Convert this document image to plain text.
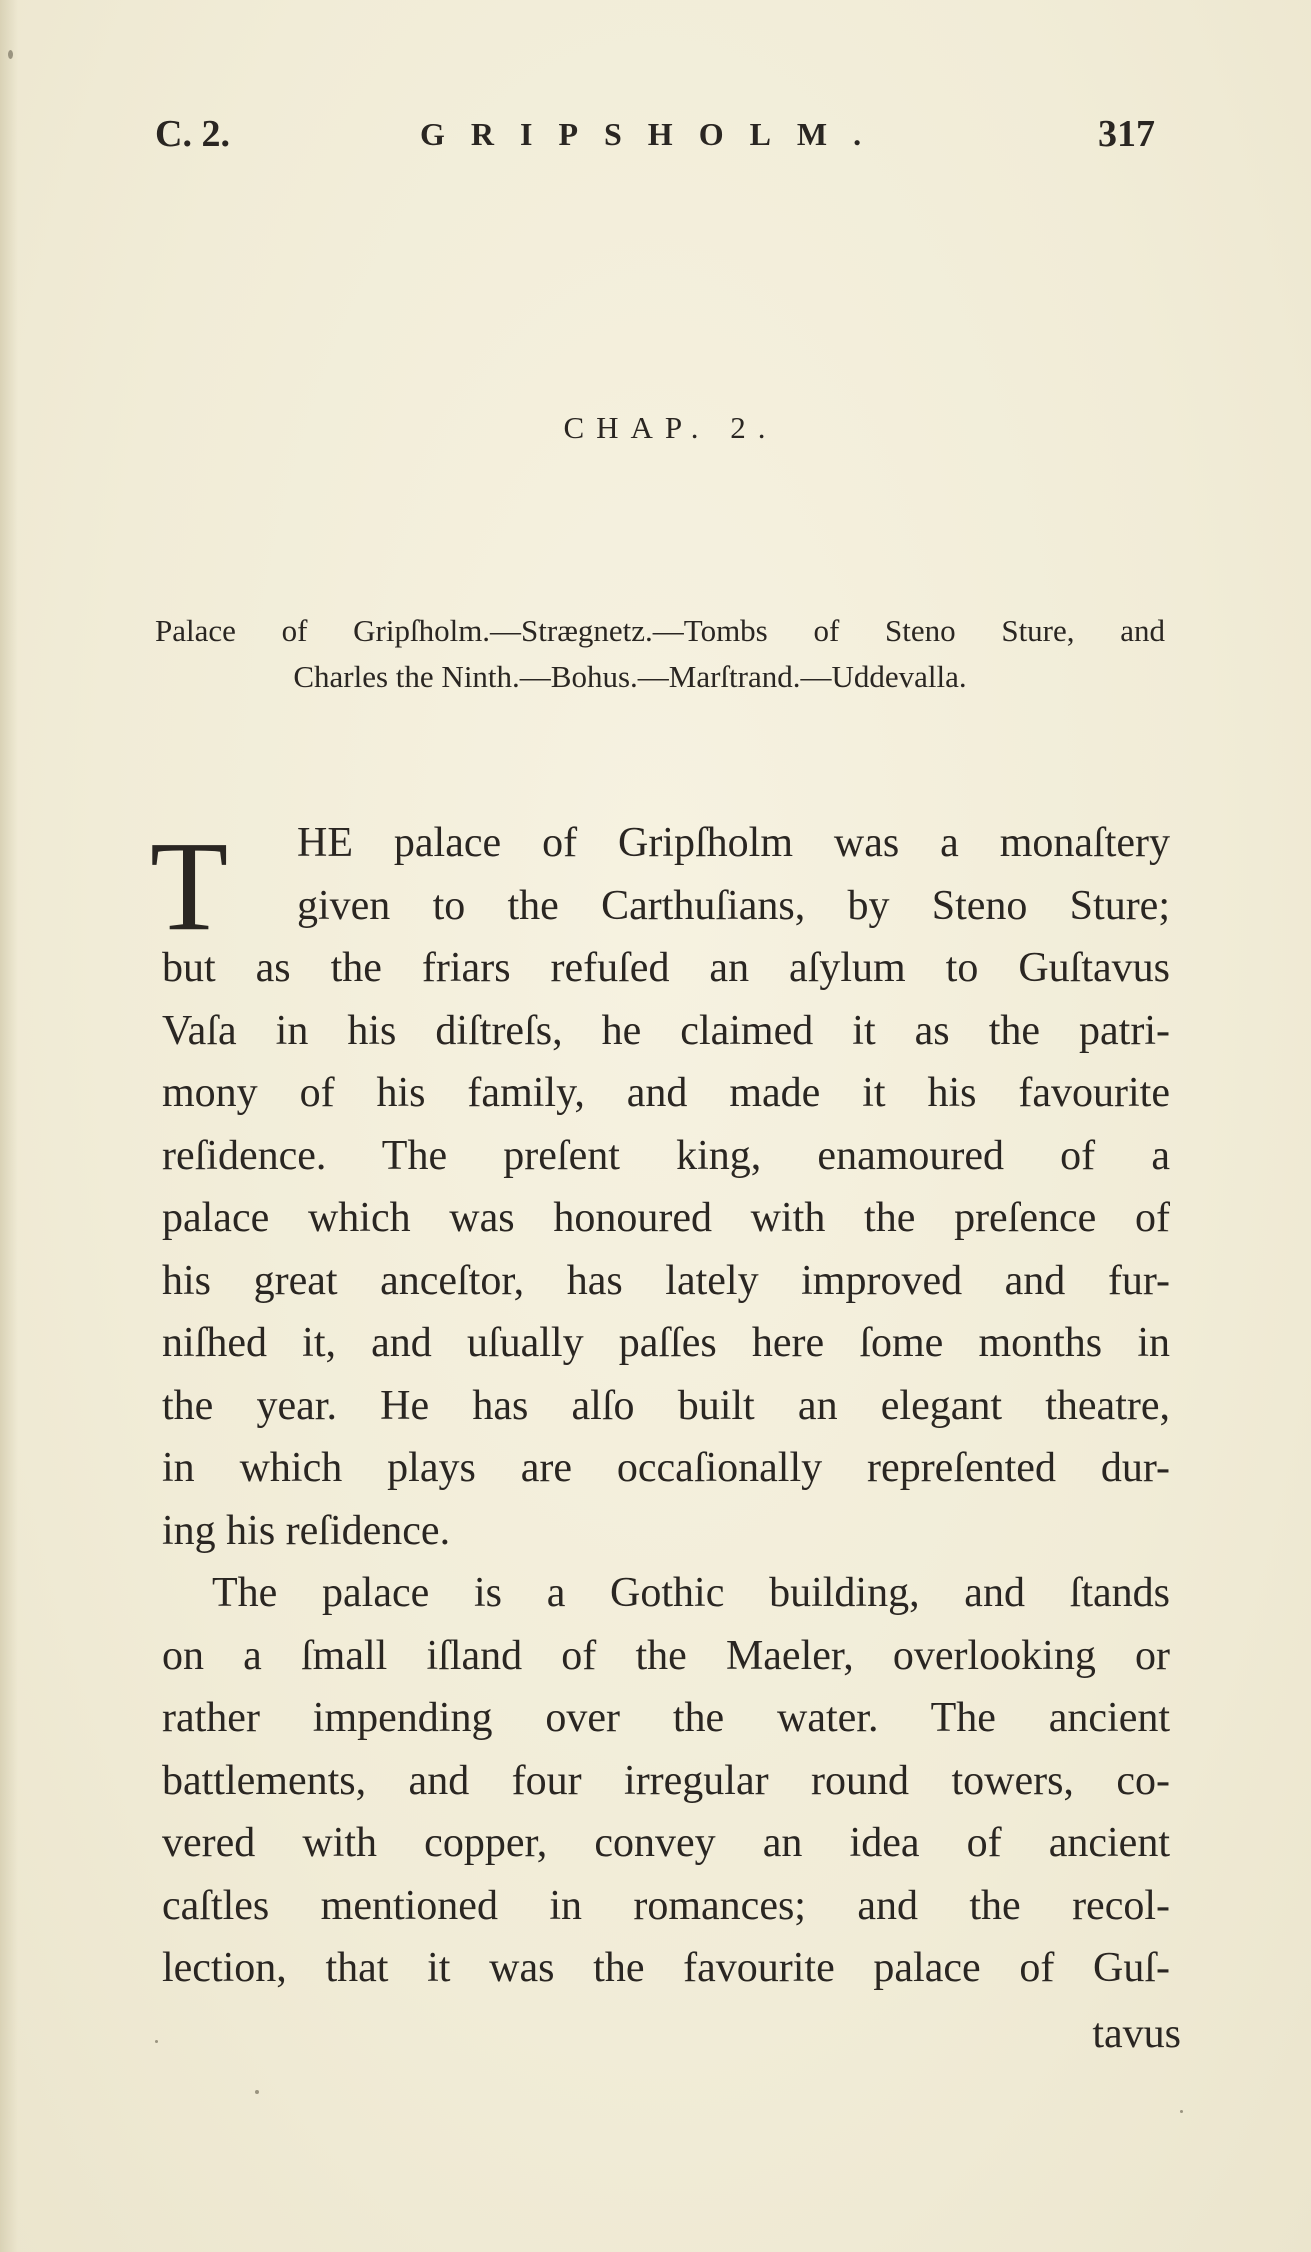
C. 2.	GRIPSHOLM.	317
CHAP. 2.
Palace of Gripſholm.—Strægnetz.—Tombs of Steno Sture, and
Charles the Ninth.—Bohus.—Marſtrand.—Uddevalla.
T	HE palace of Gripſholm was a monaſtery
given to the Carthuſians, by Steno Sture;
but as the friars refuſed an aſylum to Guſtavus
Vaſa in his diſtreſs, he claimed it as the patri-
mony of his family, and made it his favourite
reſidence. The preſent king, enamoured of a
palace which was honoured with the preſence of
his great anceſtor, has lately improved and fur-
niſhed it, and uſually paſſes here ſome months in
the year. He has alſo built an elegant theatre,
in which plays are occaſionally repreſented dur-
ing his reſidence.
The palace is a Gothic building, and ſtands
on a ſmall iſland of the Maeler, overlooking or
rather impending over the water. The ancient
battlements, and four irregular round towers, co-
vered with copper, convey an idea of ancient
caſtles mentioned in romances; and the recol-
lection, that it was the favourite palace of Guſ-
tavus
